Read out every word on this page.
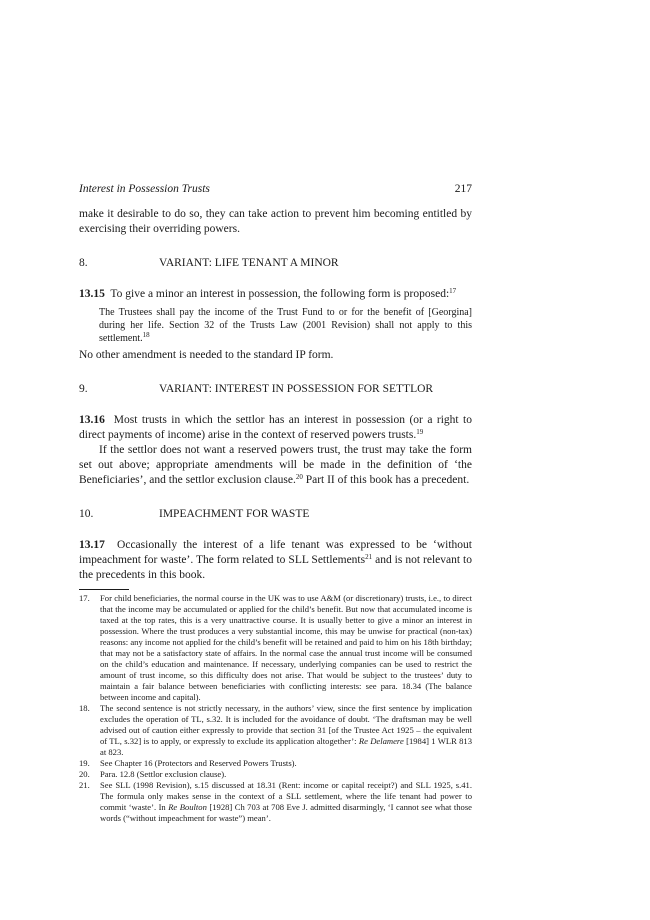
Interest in Possession Trusts	217

make it desirable to do so, they can take action to prevent him becoming entitled by exercising their overriding powers.

8.	VARIANT: LIFE TENANT A MINOR

13.15 To give a minor an interest in possession, the following form is proposed:$^{17}$

The Trustees shall pay the income of the Trust Fund to or for the benefit of [Georgina] during her life. Section 32 of the Trusts Law (2001 Revision) shall not apply to this settlement.$^{18}$

No other amendment is needed to the standard IP form.

9.	VARIANT: INTEREST IN POSSESSION FOR SETTLOR

13.16 Most trusts in which the settlor has an interest in possession (or a right to direct payments of income) arise in the context of reserved powers trusts.$^{19}$

If the settlor does not want a reserved powers trust, the trust may take the form set out above; appropriate amendments will be made in the definition of ‘the Beneficiaries’, and the settlor exclusion clause.$^{20}$ Part II of this book has a precedent.

10.	IMPEACHMENT FOR WASTE

13.17 Occasionally the interest of a life tenant was expressed to be ‘without impeachment for waste’. The form related to SLL Settlements$^{21}$ and is not relevant to the precedents in this book.

17.	For child beneficiaries, the normal course in the UK was to use A&M (or discretionary) trusts, i.e., to direct that the income may be accumulated or applied for the child’s benefit. But now that accumulated income is taxed at the top rates, this is a very unattractive course. It is usually better to give a minor an interest in possession. Where the trust produces a very substantial income, this may be unwise for practical (non-tax) reasons: any income not applied for the child’s benefit will be retained and paid to him on his 18th birthday; that may not be a satisfactory state of affairs. In the normal case the annual trust income will be consumed on the child’s education and maintenance. If necessary, underlying companies can be used to restrict the amount of trust income, so this difficulty does not arise. That would be subject to the trustees’ duty to maintain a fair balance between beneficiaries with conflicting interests: see para. 18.34 (The balance between income and capital).
18.	The second sentence is not strictly necessary, in the authors’ view, since the first sentence by implication excludes the operation of TL, s.32. It is included for the avoidance of doubt. ‘The draftsman may be well advised out of caution either expressly to provide that section 31 [of the Trustee Act 1925 – the equivalent of TL, s.32] is to apply, or expressly to exclude its application altogether’: Re Delamere [1984] 1 WLR 813 at 823.
19.	See Chapter 16 (Protectors and Reserved Powers Trusts).
20.	Para. 12.8 (Settlor exclusion clause).
21.	See SLL (1998 Revision), s.15 discussed at 18.31 (Rent: income or capital receipt?) and SLL 1925, s.41. The formula only makes sense in the context of a SLL settlement, where the life tenant had power to commit ‘waste’. In Re Boulton [1928] Ch 703 at 708 Eve J. admitted disarmingly, ‘I cannot see what those words (“without impeachment for waste”) mean’.
